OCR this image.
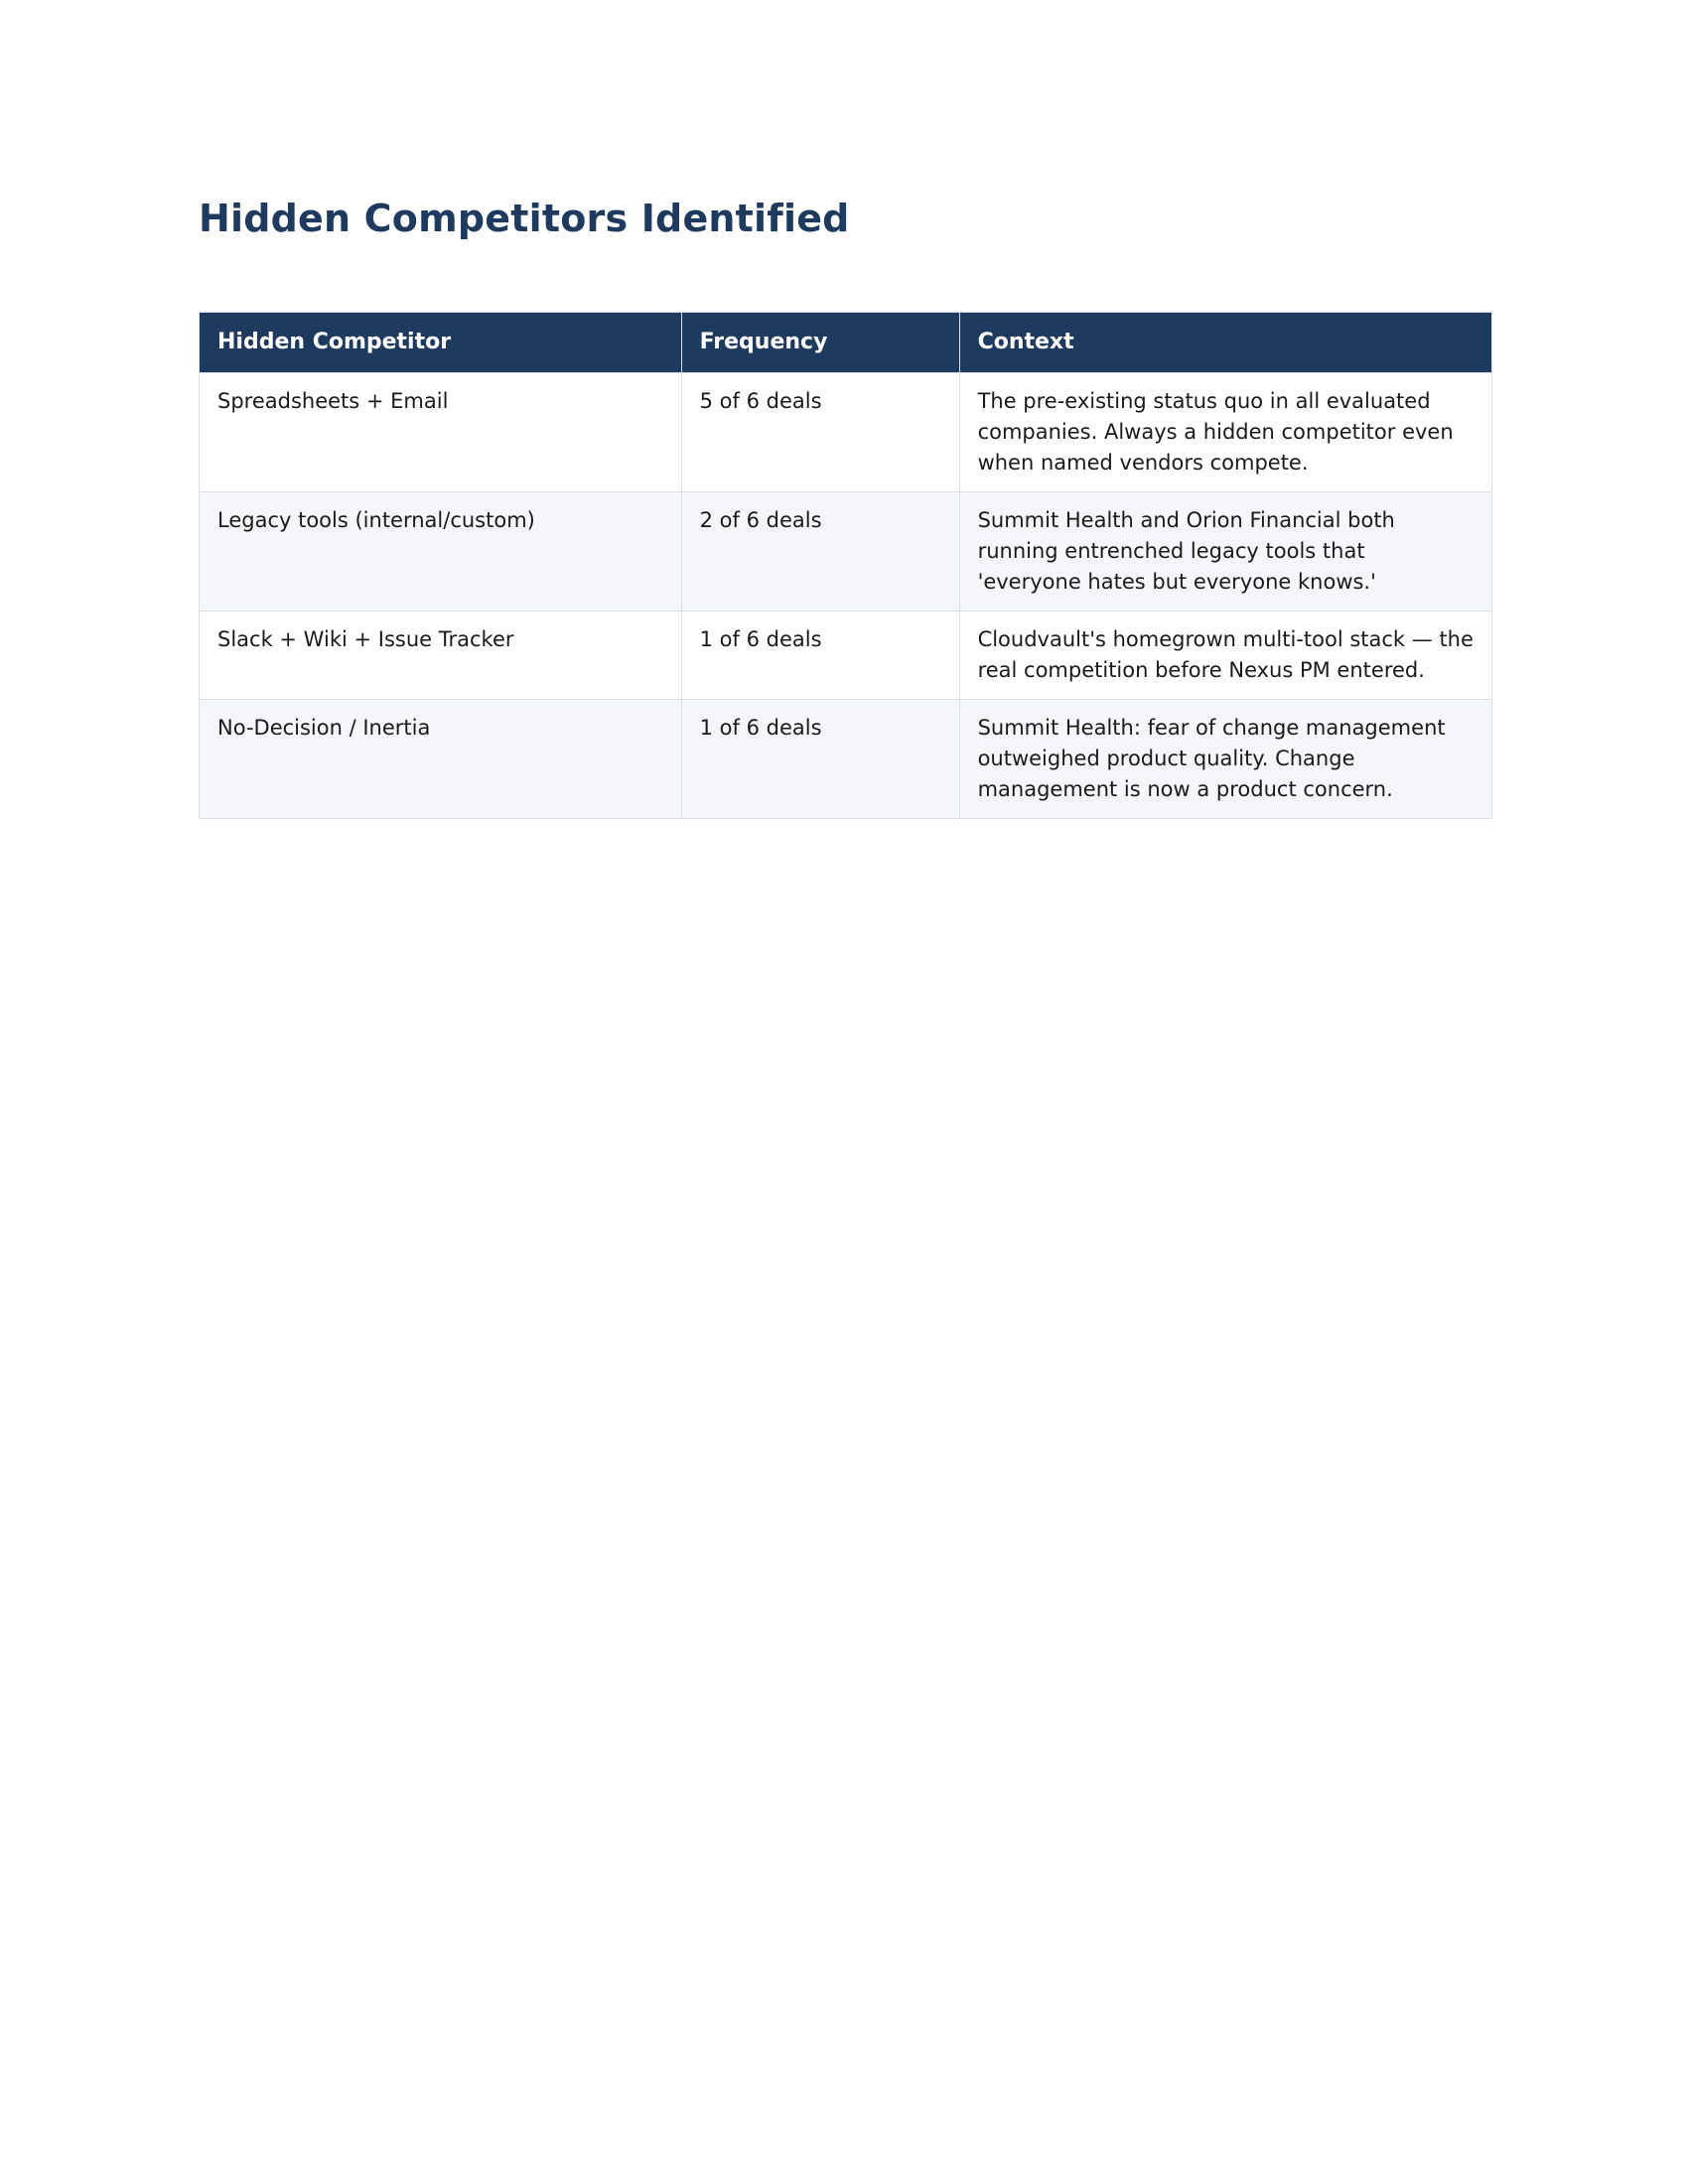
Hidden Competitors Identified
Hidden Competitor	Frequency	Context
Spreadsheets + Email	5 of 6 deals	The pre-existing status quo in all evaluated companies. Always a hidden competitor even when named vendors compete.
Legacy tools (internal/custom)	2 of 6 deals	Summit Health and Orion Financial both running entrenched legacy tools that 'everyone hates but everyone knows.'
Slack + Wiki + Issue Tracker	1 of 6 deals	Cloudvault's homegrown multi-tool stack — the real competition before Nexus PM entered.
No-Decision / Inertia	1 of 6 deals	Summit Health: fear of change management outweighed product quality. Change management is now a product concern.
